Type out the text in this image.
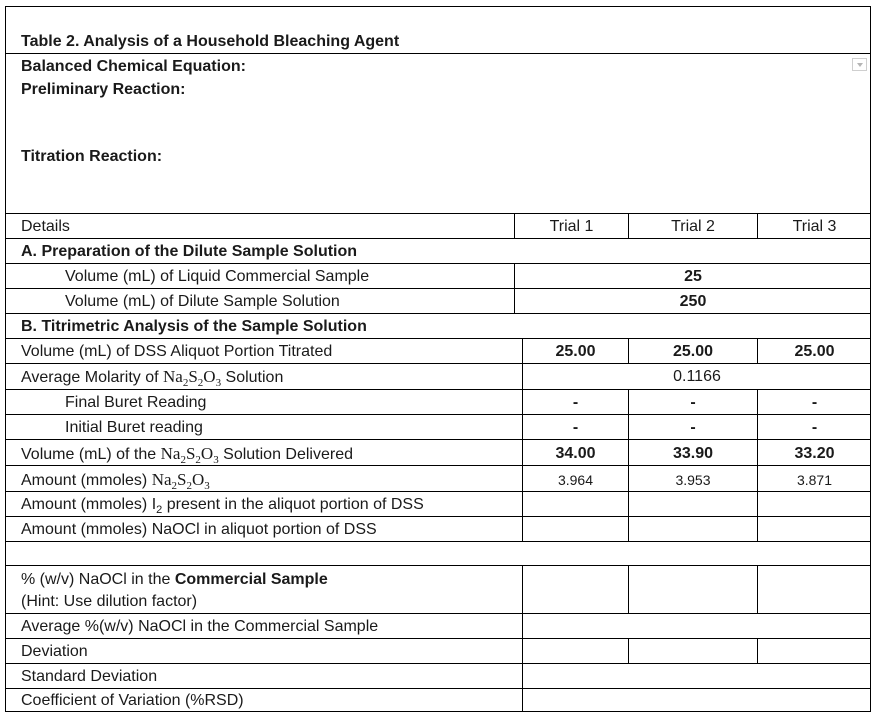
Table 2. Analysis of a Household Bleaching Agent
Balanced Chemical Equation:
Preliminary Reaction:
Titration Reaction:
Details	Trial 1	Trial 2	Trial 3
A. Preparation of the Dilute Sample Solution
Volume (mL) of Liquid Commercial Sample	25
Volume (mL) of Dilute Sample Solution	250
B. Titrimetric Analysis of the Sample Solution
Volume (mL) of DSS Aliquot Portion Titrated	25.00	25.00	25.00
Average Molarity of $Na_2S_2O_3$ Solution	0.1166
Final Buret Reading	-	-	-
Initial Buret reading	-	-	-
Volume (mL) of the $Na_2S_2O_3$ Solution Delivered	34.00	33.90	33.20
Amount (mmoles) $Na_2S_2O_3$	3.964	3.953	3.871
Amount (mmoles) $I_2$ present in the aliquot portion of DSS
Amount (mmoles) NaOCl in aliquot portion of DSS
% (w/v) NaOCl in the Commercial Sample
(Hint: Use dilution factor)
Average %(w/v) NaOCl in the Commercial Sample
Deviation
Standard Deviation
Coefficient of Variation (%RSD)
